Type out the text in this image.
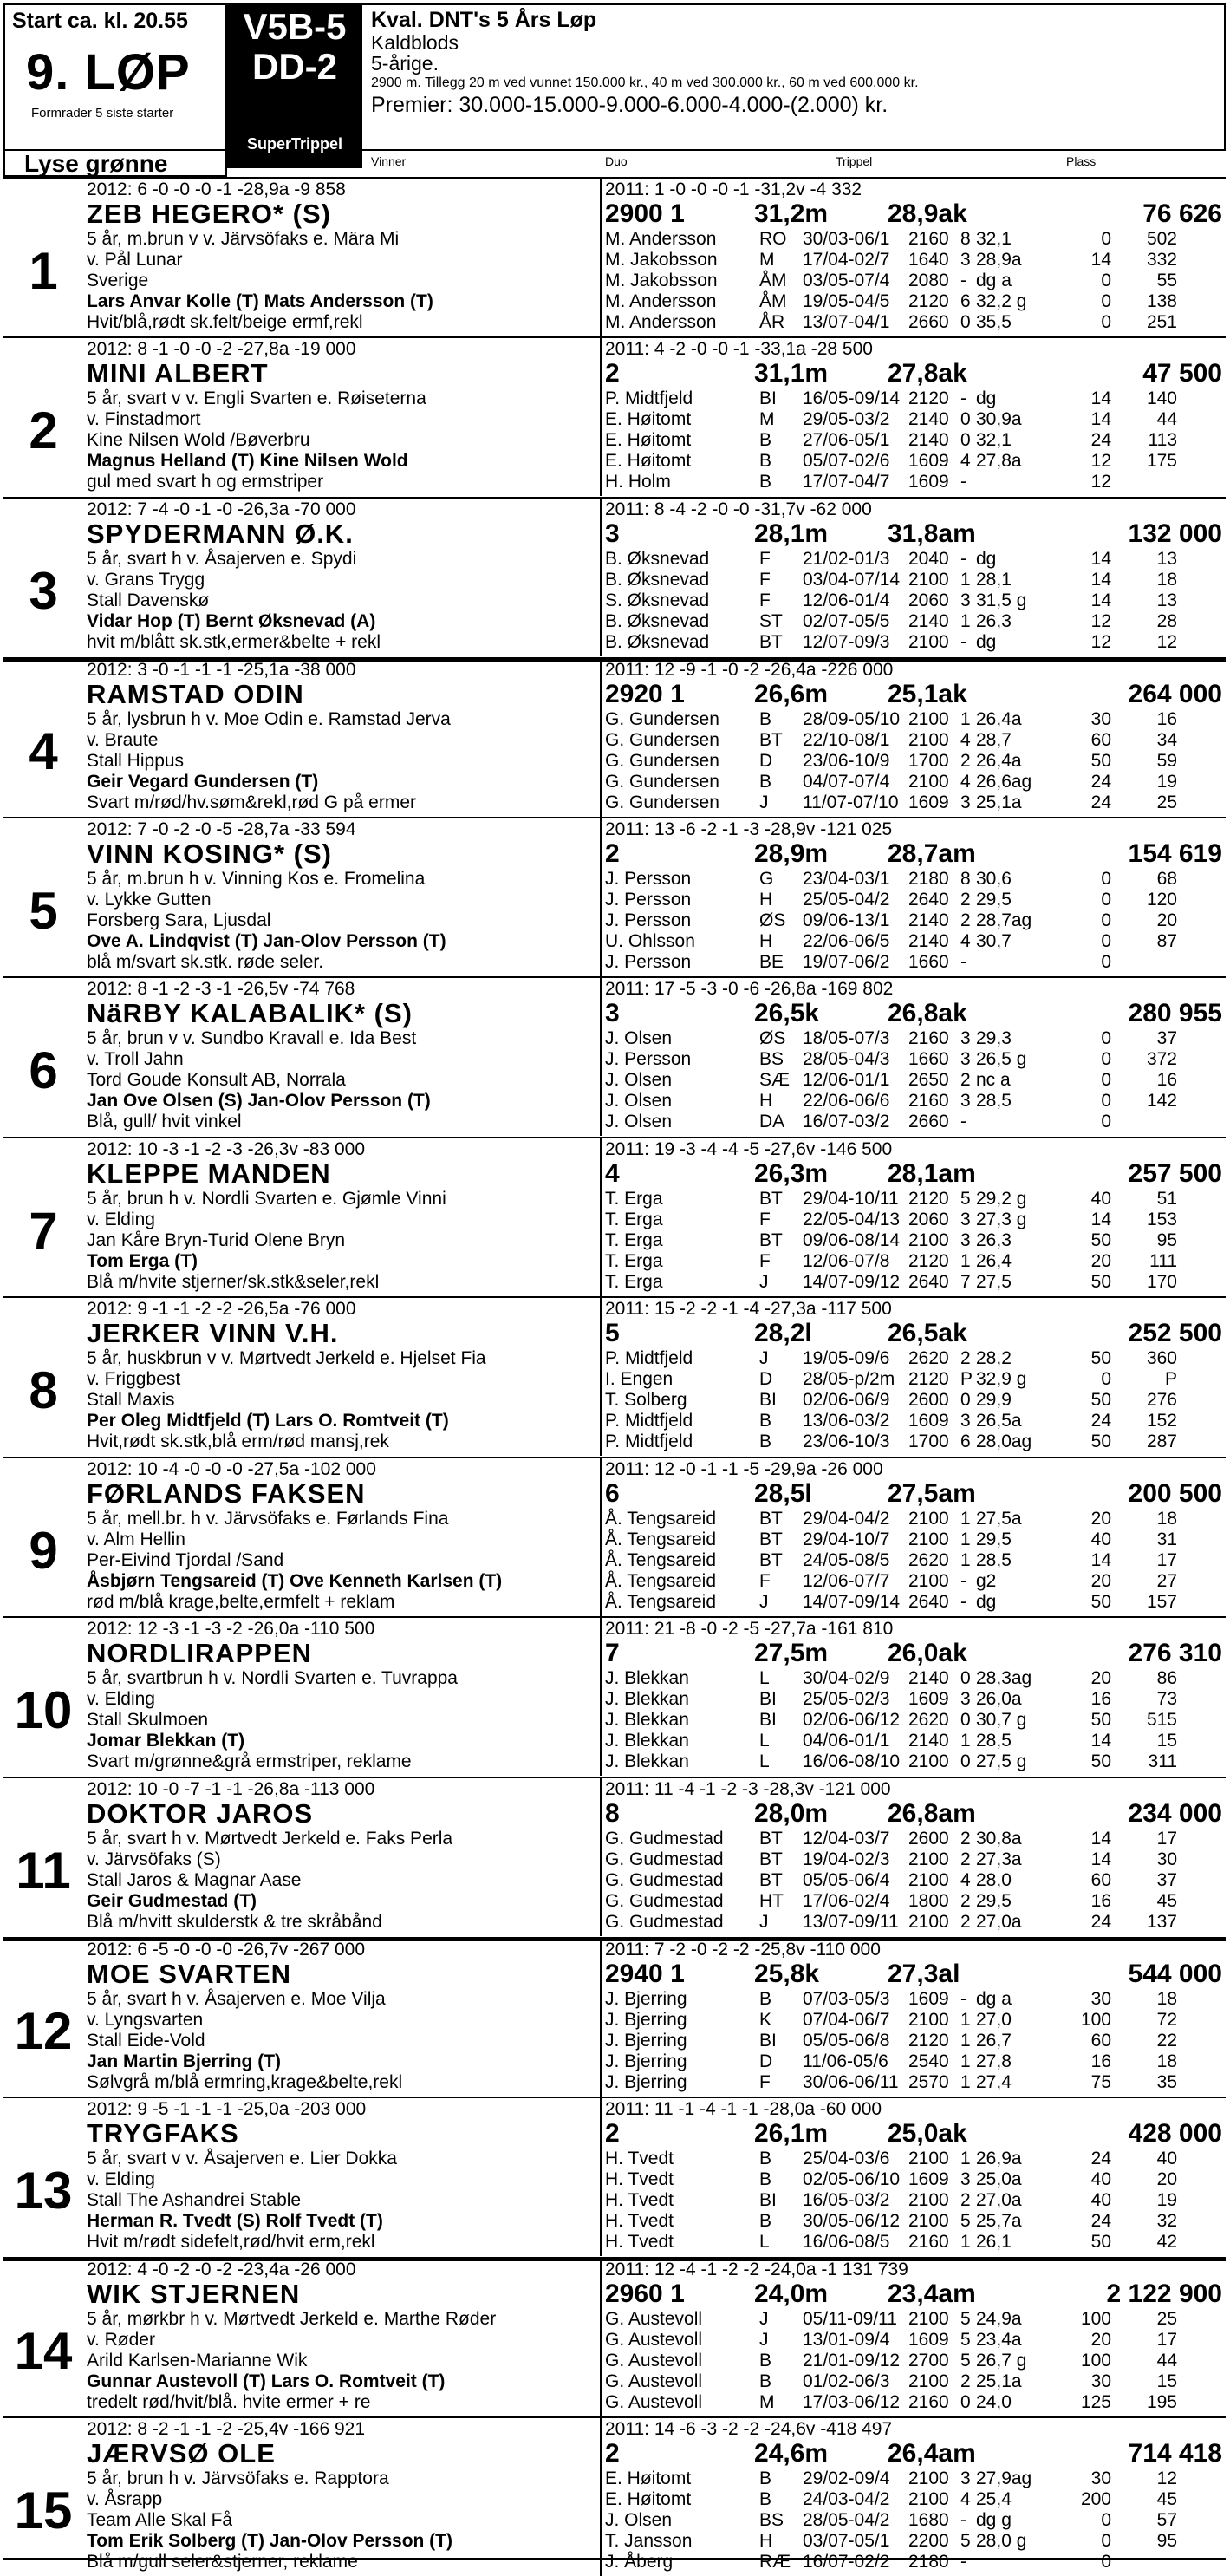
Start ca. kl. 20.55
9. LØP
Formrader 5 siste starter
V5B-5
DD-2
SuperTrippel
Kval. DNT's 5 Års Løp
Kaldblods
5-årige.
2900 m. Tillegg 20 m ved vunnet 150.000 kr., 40 m ved 300.000 kr., 60 m ved 600.000 kr.
Premier: 30.000-15.000-9.000-6.000-4.000-(2.000) kr.
Lyse grønne	Vinner	Duo	Trippel	Plass
1
2012: 6 -0 -0 -0 -1 -28,9a -9 858	2011: 1 -0 -0 -0 -1 -31,2v -4 332
ZEB HEGERO* (S)	2900 1	31,2m 28,9ak	76 626
5 år, m.brun v v. Järvsöfaks e. Mära Mi
v. Pål Lunar
Sverige
Lars Anvar Kolle (T) Mats Andersson (T)
Hvit/blå,rødt sk.felt/beige ermf,rekl
M. Andersson RO 30/03-06/1 2160 8 32,1	0	502
M. Jakobsson M 17/04-02/7 1640 3 28,9a	14	332
M. Jakobsson ÅM 03/05-07/4 2080 - dg a	0	55
M. Andersson ÅM 19/05-04/5 2120 6 32,2 g	0	138
M. Andersson ÅR 13/07-04/1 2660 0 35,5	0	251
2
2012: 8 -1 -0 -0 -2 -27,8a -19 000	2011: 4 -2 -0 -0 -1 -33,1a -28 500
MINI ALBERT	2	31,1m 27,8ak	47 500
5 år, svart v v. Engli Svarten e. Røiseterna
v. Finstadmort
Kine Nilsen Wold /Bøverbru
Magnus Helland (T) Kine Nilsen Wold
gul med svart h og ermstriper
P. Midtfjeld	BI 16/05-09/14 2120 - dg	14	140
E. Høitomt	M 29/05-03/2 2140 0 30,9a	14	44
E. Høitomt	B 27/06-05/1 2140 0 32,1	24	113
E. Høitomt	B 05/07-02/6 1609 4 27,8a	12	175
H. Holm	B 17/07-04/7 1609 -	12
3
2012: 7 -4 -0 -1 -0 -26,3a -70 000	2011: 8 -4 -2 -0 -0 -31,7v -62 000
SPYDERMANN Ø.K.	3	28,1m 31,8am	132 000
5 år, svart h v. Åsajerven e. Spydi
v. Grans Trygg
Stall Davenskø
Vidar Hop (T) Bernt Øksnevad (A)
hvit m/blått sk.stk,ermer&belte + rekl
B. Øksnevad	F 21/02-01/3 2040 - dg	14	13
B. Øksnevad	F 03/04-07/14 2100 1 28,1	14	18
S. Øksnevad	F 12/06-01/4 2060 3 31,5 g	14	13
B. Øksnevad	ST 02/07-05/5 2140 1 26,3	12	28
B. Øksnevad	BT 12/07-09/3 2100 - dg	12	12
4
2012: 3 -0 -1 -1 -1 -25,1a -38 000	2011: 12 -9 -1 -0 -2 -26,4a -226 000
RAMSTAD ODIN	2920 1	26,6m 25,1ak	264 000
5 år, lysbrun h v. Moe Odin e. Ramstad Jerva
v. Braute
Stall Hippus
Geir Vegard Gundersen (T)
Svart m/rød/hv.søm&rekl,rød G på ermer
G. Gundersen B 28/09-05/10 2100 1 26,4a	30	16
G. Gundersen BT 22/10-08/1 2100 4 28,7	60	34
G. Gundersen D 23/06-10/9 1700 2 26,4a	50	59
G. Gundersen B 04/07-07/4 2100 4 26,6ag	24	19
G. Gundersen J 11/07-07/10 1609 3 25,1a	24	25
5
2012: 7 -0 -2 -0 -5 -28,7a -33 594	2011: 13 -6 -2 -1 -3 -28,9v -121 025
VINN KOSING* (S)	2	28,9m 28,7am	154 619
5 år, m.brun h v. Vinning Kos e. Fromelina
v. Lykke Gutten
Forsberg Sara, Ljusdal
Ove A. Lindqvist (T) Jan-Olov Persson (T)
blå m/svart sk.stk. røde seler.
J. Persson	G 23/04-03/1 2180 8 30,6	0	68
J. Persson	H 25/05-04/2 2640 2 29,5	0	120
J. Persson	ØS 09/06-13/1 2140 2 28,7ag	0	20
U. Ohlsson	H 22/06-06/5 2140 4 30,7	0	87
J. Persson	BE 19/07-06/2 1660 -	0
6
2012: 8 -1 -2 -3 -1 -26,5v -74 768	2011: 17 -5 -3 -0 -6 -26,8a -169 802
NäRBY KALABALIK* (S)	3	26,5k	26,8ak	280 955
5 år, brun v v. Sundbo Kravall e. Ida Best
v. Troll Jahn
Tord Goude Konsult AB, Norrala
Jan Ove Olsen (S) Jan-Olov Persson (T)
Blå, gull/ hvit vinkel
J. Olsen	ØS 18/05-07/3 2160 3 29,3	0	37
J. Persson	BS 28/05-04/3 1660 3 26,5 g	0	372
J. Olsen	SÆ 12/06-01/1 2650 2 nc a	0	16
J. Olsen	H 22/06-06/6 2160 3 28,5	0	142
J. Olsen	DA 16/07-03/2 2660 -	0
7
2012: 10 -3 -1 -2 -3 -26,3v -83 000	2011: 19 -3 -4 -4 -5 -27,6v -146 500
KLEPPE MANDEN	4	26,3m 28,1am	257 500
5 år, brun h v. Nordli Svarten e. Gjømle Vinni
v. Elding
Jan Kåre Bryn-Turid Olene Bryn
Tom Erga (T)
Blå m/hvite stjerner/sk.stk&seler,rekl
T. Erga	BT 29/04-10/11 2120 5 29,2 g	40	51
T. Erga	F 22/05-04/13 2060 3 27,3 g	14	153
T. Erga	BT 09/06-08/14 2100 3 26,3	50	95
T. Erga	F 12/06-07/8 2120 1 26,4	20	111
T. Erga	J 14/07-09/12 2640 7 27,5	50	170
8
2012: 9 -1 -1 -2 -2 -26,5a -76 000	2011: 15 -2 -2 -1 -4 -27,3a -117 500
JERKER VINN V.H.	5	28,2l	26,5ak	252 500
5 år, huskbrun v v. Mørtvedt Jerkeld e. Hjelset Fia
v. Friggbest
Stall Maxis
Per Oleg Midtfjeld (T) Lars O. Romtveit (T)
Hvit,rødt sk.stk,blå erm/rød mansj,rek
P. Midtfjeld	J 19/05-09/6 2620 2 28,2	50	360
I. Engen	D 28/05-p/2m 2120 P 32,9 g	0	P
T. Solberg	BI 02/06-06/9 2600 0 29,9	50	276
P. Midtfjeld	B 13/06-03/2 1609 3 26,5a	24	152
P. Midtfjeld	B 23/06-10/3 1700 6 28,0ag	50	287
9
2012: 10 -4 -0 -0 -0 -27,5a -102 000	2011: 12 -0 -1 -1 -5 -29,9a -26 000
FØRLANDS FAKSEN	6	28,5l	27,5am	200 500
5 år, mell.br. h v. Järvsöfaks e. Førlands Fina
v. Alm Hellin
Per-Eivind Tjordal /Sand
Åsbjørn Tengsareid (T) Ove Kenneth Karlsen (T)
rød m/blå krage,belte,ermfelt + reklam
Å. Tengsareid BT 29/04-04/2 2100 1 27,5a	20	18
Å. Tengsareid BT 29/04-10/7 2100 1 29,5	40	31
Å. Tengsareid BT 24/05-08/5 2620 1 28,5	14	17
Å. Tengsareid F 12/06-07/7 2100 - g2	20	27
Å. Tengsareid J 14/07-09/14 2640 - dg	50	157
10
2012: 12 -3 -1 -3 -2 -26,0a -110 500	2011: 21 -8 -0 -2 -5 -27,7a -161 810
NORDLIRAPPEN	7	27,5m 26,0ak	276 310
5 år, svartbrun h v. Nordli Svarten e. Tuvrappa
v. Elding
Stall Skulmoen
Jomar Blekkan (T)
Svart m/grønne&grå ermstriper, reklame
J. Blekkan	L 30/04-02/9 2140 0 28,3ag	20	86
J. Blekkan	BI 25/05-02/3 1609 3 26,0a	16	73
J. Blekkan	BI 02/06-06/12 2620 0 30,7 g	50	515
J. Blekkan	L 04/06-01/1 2140 1 28,5	14	15
J. Blekkan	L 16/06-08/10 2100 0 27,5 g	50	311
11
2012: 10 -0 -7 -1 -1 -26,8a -113 000	2011: 11 -4 -1 -2 -3 -28,3v -121 000
DOKTOR JAROS	8	28,0m 26,8am	234 000
5 år, svart h v. Mørtvedt Jerkeld e. Faks Perla
v. Järvsöfaks (S)
Stall Jaros & Magnar Aase
Geir Gudmestad (T)
Blå m/hvitt skulderstk & tre skråbånd
G. Gudmestad BT 12/04-03/7 2600 2 30,8a	14	17
G. Gudmestad BT 19/04-02/3 2100 2 27,3a	14	30
G. Gudmestad BT 05/05-06/4 2100 4 28,0	60	37
G. Gudmestad HT 17/06-02/4 1800 2 29,5	16	45
G. Gudmestad J 13/07-09/11 2100 2 27,0a	24	137
12
2012: 6 -5 -0 -0 -0 -26,7v -267 000	2011: 7 -2 -0 -2 -2 -25,8v -110 000
MOE SVARTEN	2940 1	25,8k	27,3al	544 000
5 år, svart h v. Åsajerven e. Moe Vilja
v. Lyngsvarten
Stall Eide-Vold
Jan Martin Bjerring (T)
Sølvgrå m/blå ermring,krage&belte,rekl
J. Bjerring	B 07/03-05/3 1609 - dg a	30	18
J. Bjerring	K 07/04-06/7 2100 1 27,0	100	72
J. Bjerring	BI 05/05-06/8 2120 1 26,7	60	22
J. Bjerring	D 11/06-05/6 2540 1 27,8	16	18
J. Bjerring	F 30/06-06/11 2570 1 27,4	75	35
13
2012: 9 -5 -1 -1 -1 -25,0a -203 000	2011: 11 -1 -4 -1 -1 -28,0a -60 000
TRYGFAKS	2	26,1m 25,0ak	428 000
5 år, svart v v. Åsajerven e. Lier Dokka
v. Elding
Stall The Ashandrei Stable
Herman R. Tvedt (S) Rolf Tvedt (T)
Hvit m/rødt sidefelt,rød/hvit erm,rekl
H. Tvedt	B 25/04-03/6 2100 1 26,9a	24	40
H. Tvedt	B 02/05-06/10 1609 3 25,0a	40	20
H. Tvedt	BI 16/05-03/2 2100 2 27,0a	40	19
H. Tvedt	B 30/05-06/12 2100 5 25,7a	24	32
H. Tvedt	L 16/06-08/5 2160 1 26,1	50	42
14
2012: 4 -0 -2 -0 -2 -23,4a -26 000	2011: 12 -4 -1 -2 -2 -24,0a -1 131 739
WIK STJERNEN	2960 1	24,0m 23,4am	2 122 900
5 år, mørkbr h v. Mørtvedt Jerkeld e. Marthe Røder
v. Røder
Arild Karlsen-Marianne Wik
Gunnar Austevoll (T) Lars O. Romtveit (T)
tredelt rød/hvit/blå. hvite ermer + re
G. Austevoll	J 05/11-09/11 2100 5 24,9a	100	25
G. Austevoll	J 13/01-09/4 1609 5 23,4a	20	17
G. Austevoll	B 21/01-09/12 2700 5 26,7 g	100	44
G. Austevoll	B 01/02-06/3 2100 2 25,1a	30	15
G. Austevoll	M 17/03-06/12 2160 0 24,0	125	195
15
2012: 8 -2 -1 -1 -2 -25,4v -166 921	2011: 14 -6 -3 -2 -2 -24,6v -418 497
JÆRVSØ OLE	2	24,6m 26,4am	714 418
5 år, brun h v. Järvsöfaks e. Rapptora
v. Åsrapp
Team Alle Skal Få
Tom Erik Solberg (T) Jan-Olov Persson (T)
Blå m/gull seler&stjerner, reklame
E. Høitomt	B 29/02-09/4 2100 3 27,9ag	30	12
E. Høitomt	B 24/03-04/2 2100 4 25,4	200	45
J. Olsen	BS 28/05-04/2 1680 - dg g	0	57
T. Jansson	H 03/07-05/1 2200 5 28,0 g	0	95
J. Åberg	RÆ 16/07-02/2 2180 -	0
